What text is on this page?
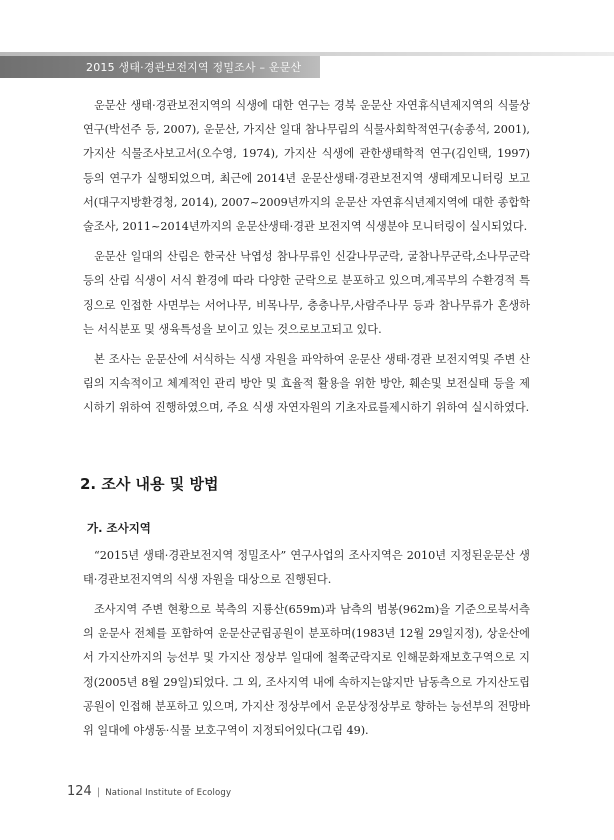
2015 생태·경관보전지역 정밀조사 – 운문산

운문산 생태·경관보전지역의 식생에 대한 연구는 경북 운문산 자연휴식년제지역의 식물상 연구(박선주 등, 2007), 운문산, 가지산 일대 참나무림의 식물사회학적연구(송종석, 2001), 가지산 식물조사보고서(오수영, 1974), 가지산 식생에 관한생태학적 연구(김인택, 1997) 등의 연구가 실행되었으며, 최근에 2014년 운문산생태·경관보전지역 생태계모니터링 보고서(대구지방환경청, 2014), 2007~2009년까지의 운문산 자연휴식년제지역에 대한 종합학술조사, 2011~2014년까지의 운문산생태·경관 보전지역 식생분야 모니터링이 실시되었다.

운문산 일대의 산림은 한국산 낙엽성 참나무류인 신갈나무군락, 굴참나무군락,소나무군락 등의 산림 식생이 서식 환경에 따라 다양한 군락으로 분포하고 있으며,계곡부의 수환경적 특징으로 인접한 사면부는 서어나무, 비목나무, 층층나무,사람주나무 등과 참나무류가 혼생하는 서식분포 및 생육특성을 보이고 있는 것으로보고되고 있다.

본 조사는 운문산에 서식하는 식생 자원을 파악하여 운문산 생태·경관 보전지역및 주변 산림의 지속적이고 체계적인 관리 방안 및 효율적 활용을 위한 방안, 훼손및 보전실태 등을 제시하기 위하여 진행하였으며, 주요 식생 자연자원의 기초자료를제시하기 위하여 실시하였다.

2. 조사 내용 및 방법
가. 조사지역

“2015년 생태·경관보전지역 정밀조사” 연구사업의 조사지역은 2010년 지정된운문산 생태·경관보전지역의 식생 자원을 대상으로 진행된다.

조사지역 주변 현황으로 북측의 지룡산(659m)과 남측의 범봉(962m)을 기준으로북서측의 운문사 전체를 포함하여 운문산군립공원이 분포하며(1983년 12월 29일지정), 상운산에서 가지산까지의 능선부 및 가지산 정상부 일대에 철쭉군락지로 인해문화재보호구역으로 지정(2005년 8월 29일)되었다. 그 외, 조사지역 내에 속하지는않지만 남동측으로 가지산도립공원이 인접해 분포하고 있으며, 가지산 정상부에서 운문상정상부로 향하는 능선부의 전망바위 일대에 야생동·식물 보호구역이 지정되어있다(그림 49).

124 | National Institute of Ecology
